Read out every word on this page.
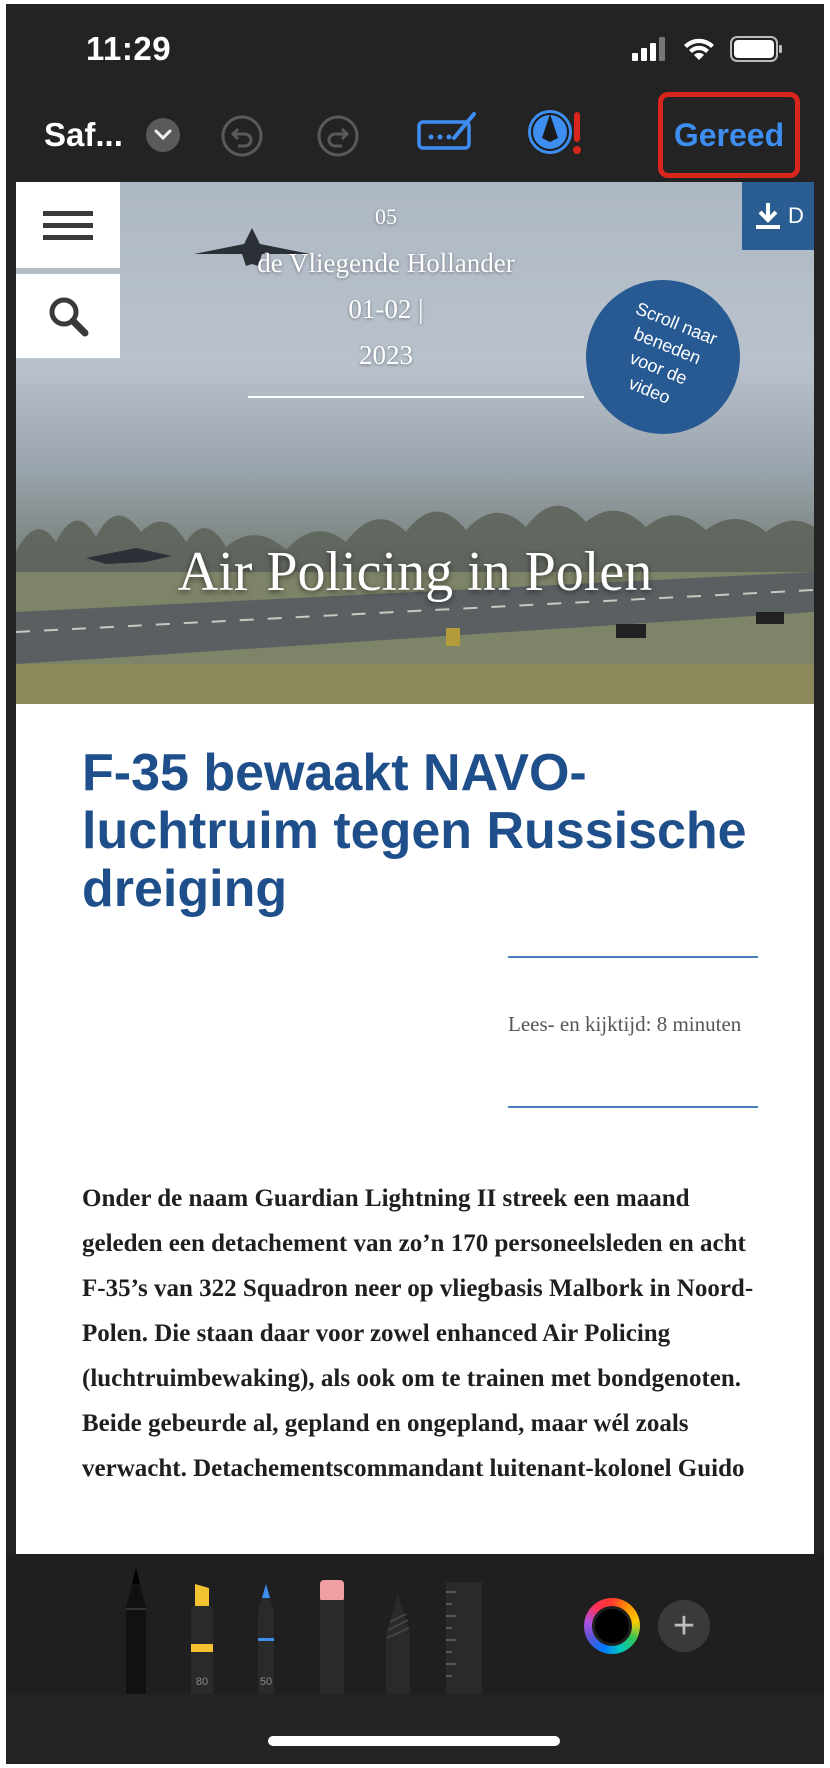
11:29
Saf...	Gereed
05
de Vliegende Hollander 01-02 |
2023
D
Scroll naar beneden voor de video
Air Policing in Polen
F-35 bewaakt NAVO-luchtruim tegen Russische dreiging
Lees- en kijktijd: 8 minuten

Onder de naam Guardian Lightning II streek een maand geleden een detachement van zo’n 170 personeelsleden en acht F-35’s van 322 Squadron neer op vliegbasis Malbork in Noord-Polen. Die staan daar voor zowel enhanced Air Policing (luchtruimbewaking), als ook om te trainen met bondgenoten. Beide gebeurde al, gepland en ongepland, maar wél zoals verwacht. Detachementscommandant luitenant-kolonel Guido

80	50
+
